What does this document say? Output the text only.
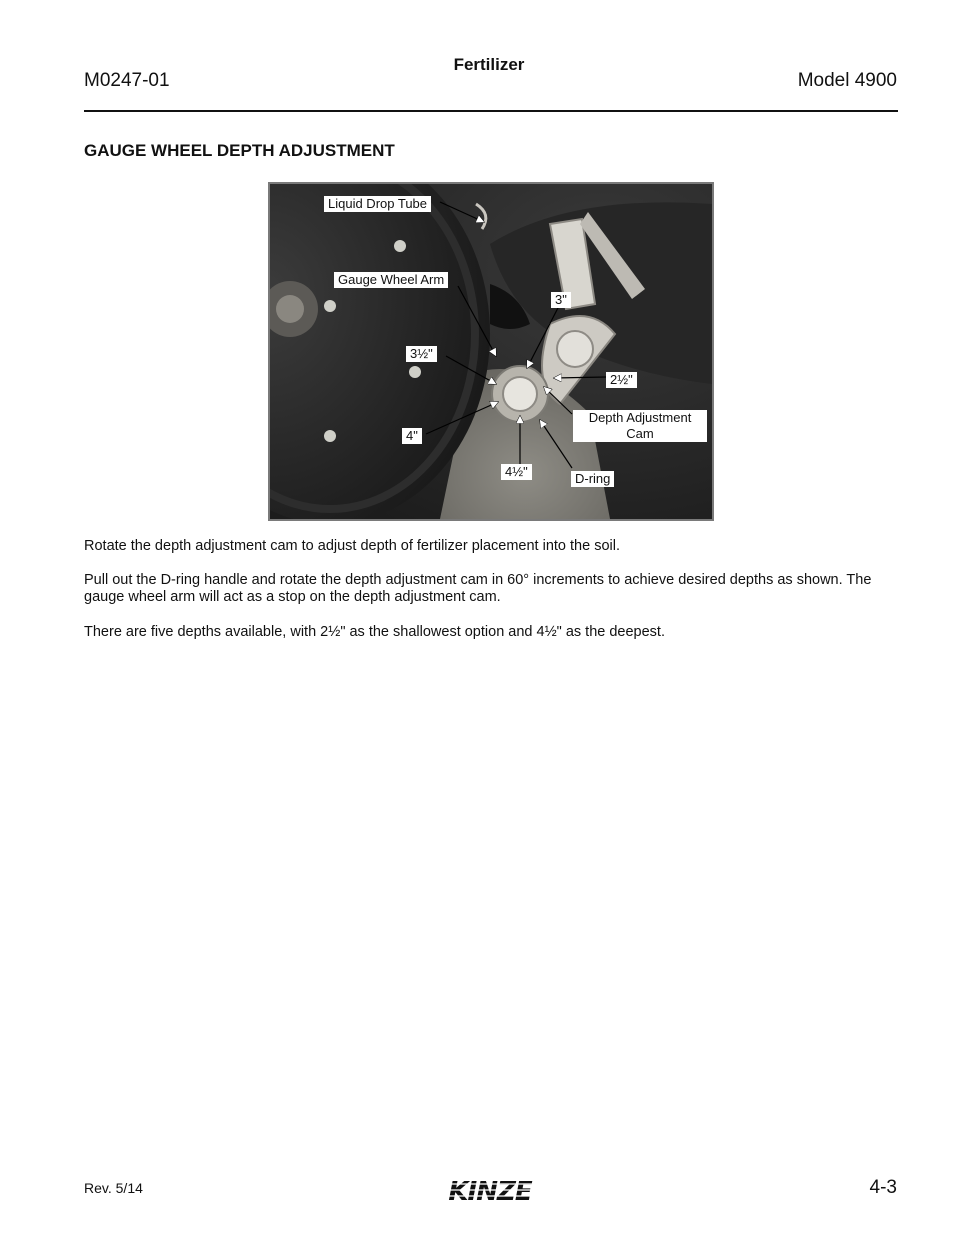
M0247-01
Fertilizer
Model 4900
GAUGE WHEEL DEPTH ADJUSTMENT
Liquid Drop Tube
Gauge Wheel Arm
3"
3½"
2½"
Depth Adjustment Cam
4"
4½"	D-ring

Rotate the depth adjustment cam to adjust depth of fertilizer placement into the soil.

Pull out the D-ring handle and rotate the depth adjustment cam in 60° increments to achieve desired depths as shown. The gauge wheel arm will act as a stop on the depth adjustment cam.

There are five depths available, with 2½" as the shallowest option and 4½" as the deepest.

Rev. 5/14	KINZE	4-3
